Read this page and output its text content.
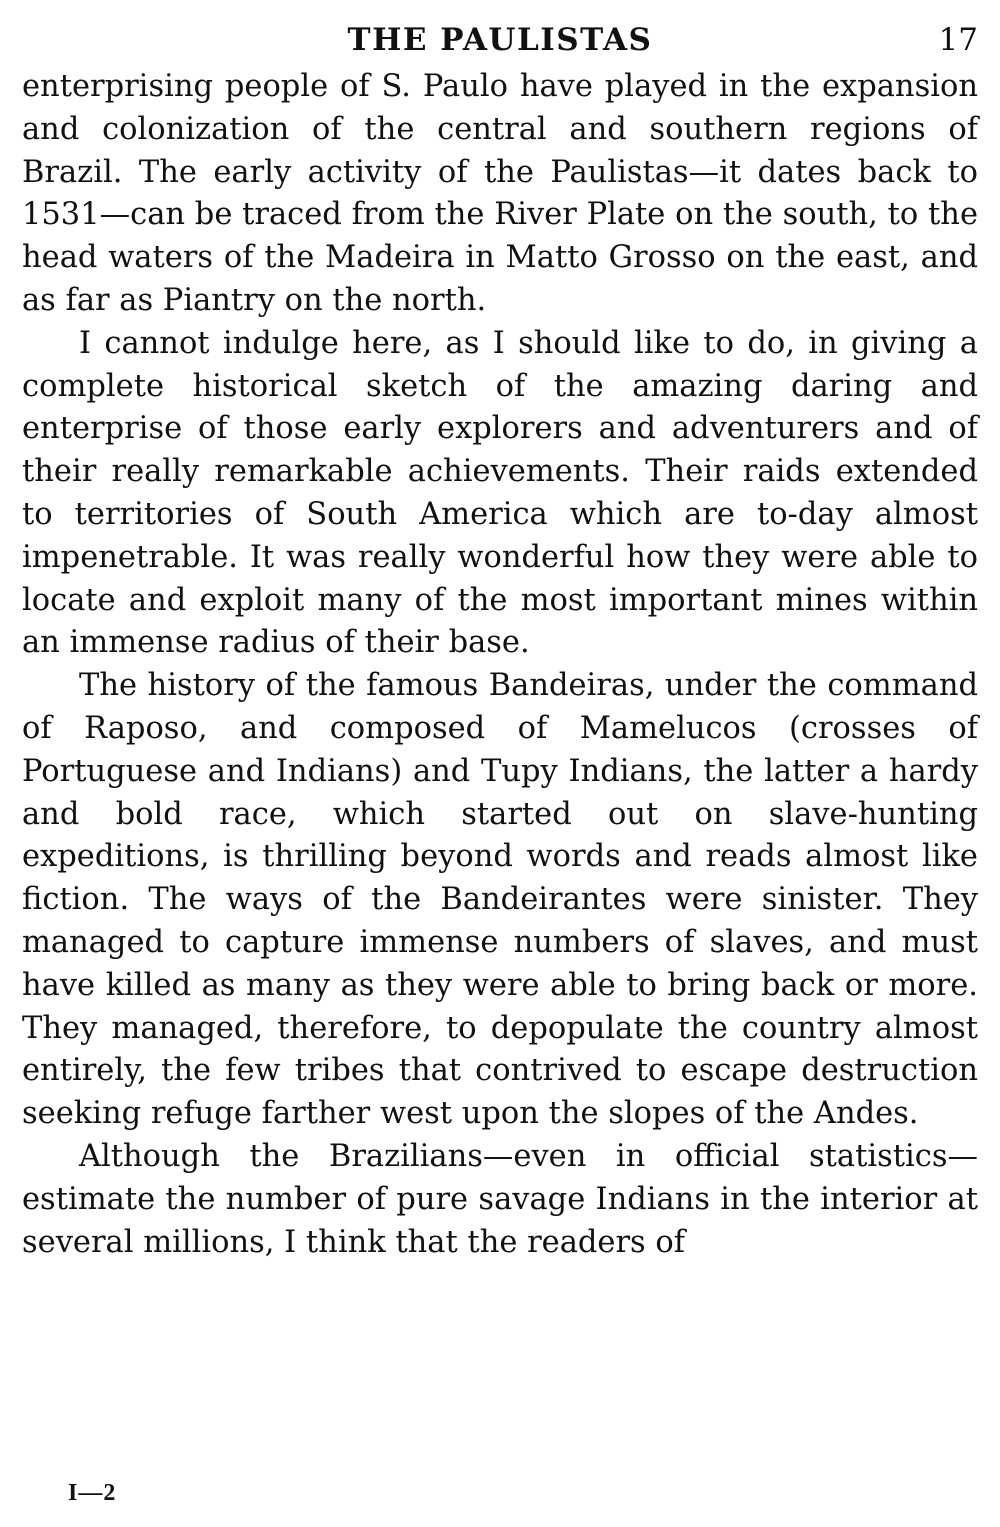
THE PAULISTAS	17

enterprising people of S. Paulo have played in the expansion and colonization of the central and southern regions of Brazil. The early activity of the Paulistas—it dates back to 1531—can be traced from the River Plate on the south, to the head waters of the Madeira in Matto Grosso on the east, and as far as Piantry on the north.

I cannot indulge here, as I should like to do, in giving a complete historical sketch of the amazing daring and enterprise of those early explorers and adventurers and of their really remarkable achievements. Their raids extended to territories of South America which are to-day almost impenetrable. It was really wonderful how they were able to locate and exploit many of the most important mines within an immense radius of their base.

The history of the famous Bandeiras, under the command of Raposo, and composed of Mamelucos (crosses of Portuguese and Indians) and Tupy Indians, the latter a hardy and bold race, which started out on slave-hunting expeditions, is thrilling beyond words and reads almost like fiction. The ways of the Bandeirantes were sinister. They managed to capture immense numbers of slaves, and must have killed as many as they were able to bring back or more. They managed, therefore, to depopulate the country almost entirely, the few tribes that contrived to escape destruction seeking refuge farther west upon the slopes of the Andes.

Although the Brazilians—even in official statistics—estimate the number of pure savage Indians in the interior at several millions, I think that the readers of

I—2
